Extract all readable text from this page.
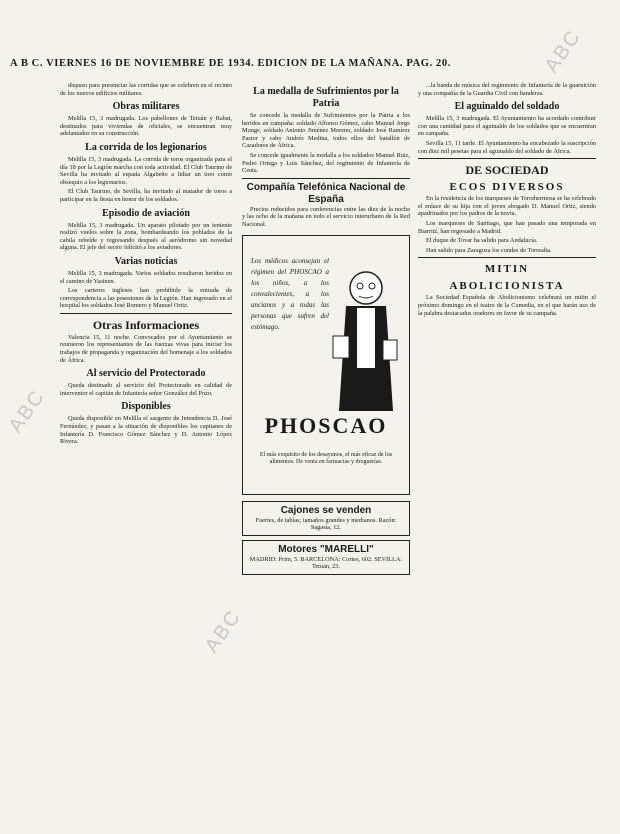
ABC
ABC
ABC
A B C. VIERNES 16 DE NOVIEMBRE DE 1934. EDICION DE LA MAÑANA. PAG. 20.

dispuso para presenciar las corridas que se celebren en el recinto de los nuevos edificios militares.

Obras militares

Melilla 15, 3 madrugada. Los pabellones de Tetuán y Rabat, destinados para viviendas de oficiales, se encuentran muy adelantados en su construcción.

La corrida de los legionarios

Melilla 15, 3 madrugada. La corrida de toros organizada para el día 18 por la Legión marcha con toda actividad. El Club Taurino de Sevilla ha invitado al espada Algabeño a lidiar un toro como obsequio a los legionarios.

El Club Taurino, de Sevilla, ha invitado al matador de toros a participar en la fiesta en honor de los soldados.

Episodio de aviación

Melilla 15, 3 madrugada. Un aparato pilotado por un teniente realizó vuelos sobre la zona, bombardeando los poblados de la cabila rebelde y regresando después al aeródromo sin novedad alguna. El jefe del sector felicitó a los aviadores.

Varias noticias

Melilla 15, 3 madrugada. Varios soldados resultaron heridos en el camino de Yasinen.

Los carteros ingleses han prohibido la entrada de correspondencia a las posesiones de la Legión. Han ingresado en el hospital los soldados José Romero y Manuel Ortiz.

Otras Informaciones

Valencia 15, 11 noche. Convocados por el Ayuntamiento se reunieron los representantes de las fuerzas vivas para iniciar los trabajos de propaganda y organización del homenaje a los soldados de África.

Al servicio del Protectorado

Queda destinado al servicio del Protectorado en calidad de interventor el capitán de Infantería señor González del Pozo.

Disponibles

Queda disponible en Melilla el sargento de Intendencia D. José Fernández, y pasan a la situación de disponibles los capitanes de Infantería D. Francisco Gómez Sánchez y D. Antonio López Rivera.

La medalla de Sufrimientos por la Patria

Se concede la medalla de Sufrimientos por la Patria a los heridos en campaña: soldado Alfonso Gómez, cabo Manuel Jorge Monge, soldado Antonio Jiménez Moreno, soldado José Ramírez Pastor y cabo Andrés Medina, todos ellos del batallón de Cazadores de África.

Se concede igualmente la medalla a los soldados Manuel Ruiz, Pedro Ortega y Luis Sánchez, del regimiento de Infantería de Ceuta.

Compañía Telefónica Nacional de España

Precios reducidos para conferencias entre las diez de la noche y las ocho de la mañana en todo el servicio interurbano de la Red Nacional.

Los médicos aconsejan el régimen del PHOSCAO a los niños, a los convalecientes, a los ancianos y a todas las personas que sufren del estómago.
PHOSCAO
El más exquisito de los desayunos, el más eficaz de los alimentos. De venta en farmacias y droguerías.
Cajones se venden
Fuertes, de tablas; tamaños grandes y medianos. Razón: Sagasta, 12.
Motores "MARELLI"
MADRID: Prim, 5. BARCELONA: Cortes, 602. SEVILLA: Tetuán, 23.

...la banda de música del regimiento de Infantería de la guarnición y una compañía de la Guardia Civil con banderas.

El aguinaldo del soldado

Melilla 15, 3 madrugada. El Ayuntamiento ha acordado contribuir con una cantidad para el aguinaldo de los soldados que se encuentran en campaña.

Sevilla 15, 11 tarde. El Ayuntamiento ha encabezado la suscripción con diez mil pesetas para el aguinaldo del soldado de África.

DE SOCIEDAD
ECOS DIVERSOS

En la residencia de los marqueses de Torrehermosa se ha celebrado el enlace de su hija con el joven abogado D. Manuel Ortiz, siendo apadrinados por los padres de la novia.

Los marqueses de Santiago, que han pasado una temporada en Biarritz, han regresado a Madrid.

El duque de Tovar ha salido para Andalucía.

Han salido para Zaragoza los condes de Torrealta.

MITIN
ABOLICIONISTA

La Sociedad Española de Abolicionismo celebrará un mitin el próximo domingo en el teatro de la Comedia, en el que harán uso de la palabra destacados oradores en favor de su campaña.
